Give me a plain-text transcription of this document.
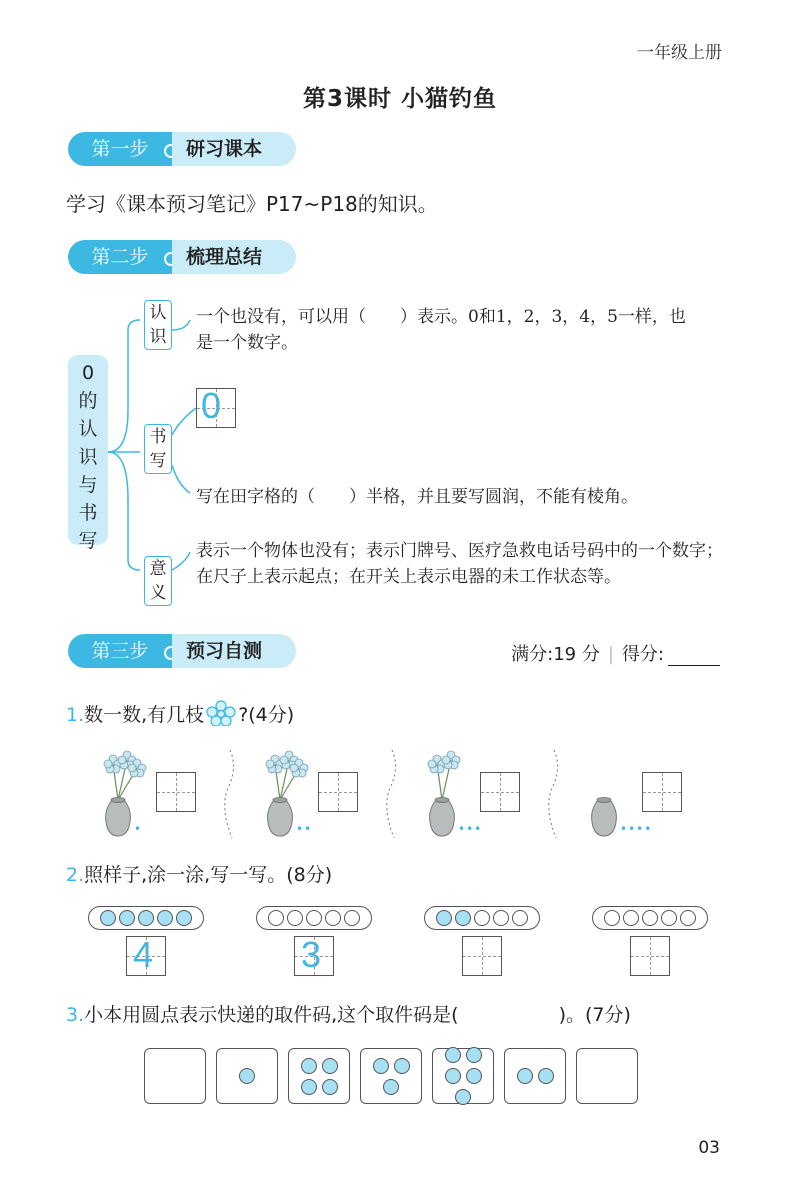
一年级上册
第3课时 小猫钓鱼
第一步	研习课本
学习《课本预习笔记》P17~P18的知识。
第二步	梳理总结
0
的
认
识
与
书
写
认
识
一个也没有，可以用（　　）表示。0和1，2，3，4，5一样，也是一个数字。
书
写
0
写在田字格的（　　）半格，并且要写圆润，不能有棱角。
意
义
表示一个物体也没有；表示门牌号、医疗急救电话号码中的一个数字；在尺子上表示起点；在开关上表示电器的未工作状态等。
第三步	预习自测	满分:19 分 | 得分:
1.数一数,有几枝 ?(4分)
•	••	•••	••••
2.照样子,涂一涂,写一写。(8分)
4	3
3.小本用圆点表示快递的取件码,这个取件码是(	)。(7分)
03
